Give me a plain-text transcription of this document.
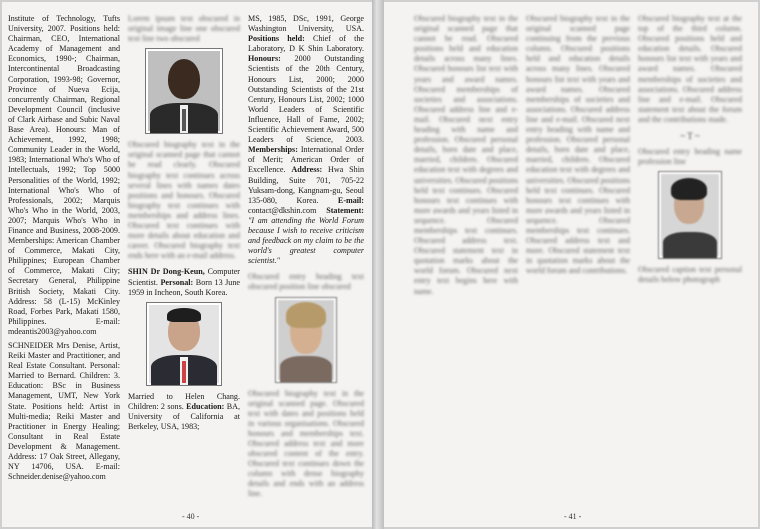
Institute of Technology, Tufts University, 2007. Positions held: Chairman, CEO, International Academy of Management and Economics, 1990-; Chairman, Intercontinental Broadcasting Corporation, 1993-98; Governor, Province of Nueva Ecija, concurrently Chairman, Regional Development Council (inclusive of Clark Airbase and Subic Naval Base Area). Honours: Man of Achievement, 1992, 1998; Community Leader in the World, 1983; International Who's Who of Intellectuals, 1992; Top 5000 Personalities of the World, 1992; International Who's Who of Professionals, 2002; Marquis Who's Who in the World, 2003, 2007; Marquis Who's Who in Finance and Business, 2008-2009. Memberships: American Chamber of Commerce, Makati City, Philippines; European Chamber of Commerce, Makati City; Secretary General, Philippine British Society, Makati City. Address: 58 (L-15) McKinley Road, Forbes Park, Makati 1580, Philippines. E-mail: mdeantis2003@yahoo.com

SCHNEIDER Mrs Denise, Artist, Reiki Master and Practitioner, and Real Estate Consultant. Personal: Married to Bernard. Children: 3. Education: BSc in Business Management, UMT, New York State. Positions held: Artist in Multi-media; Reiki Master and Practitioner in Energy Healing; Consultant in Real Estate Development & Management. Address: 17 Oak Street, Allegany, NY 14706, USA. E-mail: Schneider.denise@yahoo.com

Lorem ipsum text obscured in original image line one obscured text line two obscured

Obscured biography text in the original scanned page that cannot be read clearly. Obscured biography text continues across several lines with names dates positions and honours. Obscured biography text continues with memberships and address lines. Obscured text continues with more details about education and career. Obscured biography text ends here with an e-mail address.

SHIN Dr Dong-Keun, Computer Scientist. Personal: Born 13 June 1959 in Incheon, South Korea.

Married to Helen Chang. Children: 2 sons. Education: BA, University of California at Berkeley, USA, 1983;

MS, 1985, DSc, 1991, George Washington University, USA. Positions held: Chief of the Laboratory, D K Shin Laboratory. Honours: 2000 Outstanding Scientists of the 20th Century, Honours List, 2000; 2000 Outstanding Scientists of the 21st Century, Honours List, 2002; 1000 World Leaders of Scientific Influence, Hall of Fame, 2002; Scientific Achievement Award, 500 Leaders of Science, 2003. Memberships: International Order of Merit; American Order of Excellence. Address: Hwa Shin Building, Suite 701, 705-22 Yuksam-dong, Kangnam-gu, Seoul 135-080, Korea. E-mail: contact@dkshin.com Statement: "I am attending the World Forum because I wish to receive criticism and feedback on my claim to be the world's greatest computer scientist."

Obscured entry heading text obscured position line obscured

Obscured biography text in the original scanned page. Obscured text with dates and positions held in various organisations. Obscured honours and memberships text. Obscured address text and more obscured content of the entry. Obscured text continues down the column with dense biography details and ends with an address line.

- 40 -

Obscured biography text in the original scanned page that cannot be read. Obscured positions held and education details across many lines. Obscured honours list text with years and award names. Obscured memberships of societies and associations. Obscured address line and e-mail. Obscured next entry heading with name and profession. Obscured personal details, born date and place, married, children. Obscured education text with degrees and universities. Obscured positions held text continues. Obscured honours text continues with more awards and years listed in sequence. Obscured memberships text continues. Obscured address text. Obscured statement text in quotation marks about the world forum. Obscured next entry text begins here with name.

Obscured biography text in the original scanned page continuing from the previous column. Obscured positions held and education details across many lines. Obscured honours list text with years and award names. Obscured memberships of societies and associations. Obscured address line and e-mail. Obscured next entry heading with name and profession. Obscured personal details, born date and place, married, children. Obscured education text with degrees and universities. Obscured positions held text continues. Obscured honours text continues with more awards and years listed in sequence. Obscured memberships text continues. Obscured address text and more. Obscured statement text in quotation marks about the world forum and contributions.

Obscured biography text at the top of the third column. Obscured positions held and education details. Obscured honours list text with years and award names. Obscured memberships of societies and associations. Obscured address line and e-mail. Obscured statement text about the forum and the contributions made.

~ T ~

Obscured entry heading name profession line

Obscured caption text personal details below photograph

- 41 -
